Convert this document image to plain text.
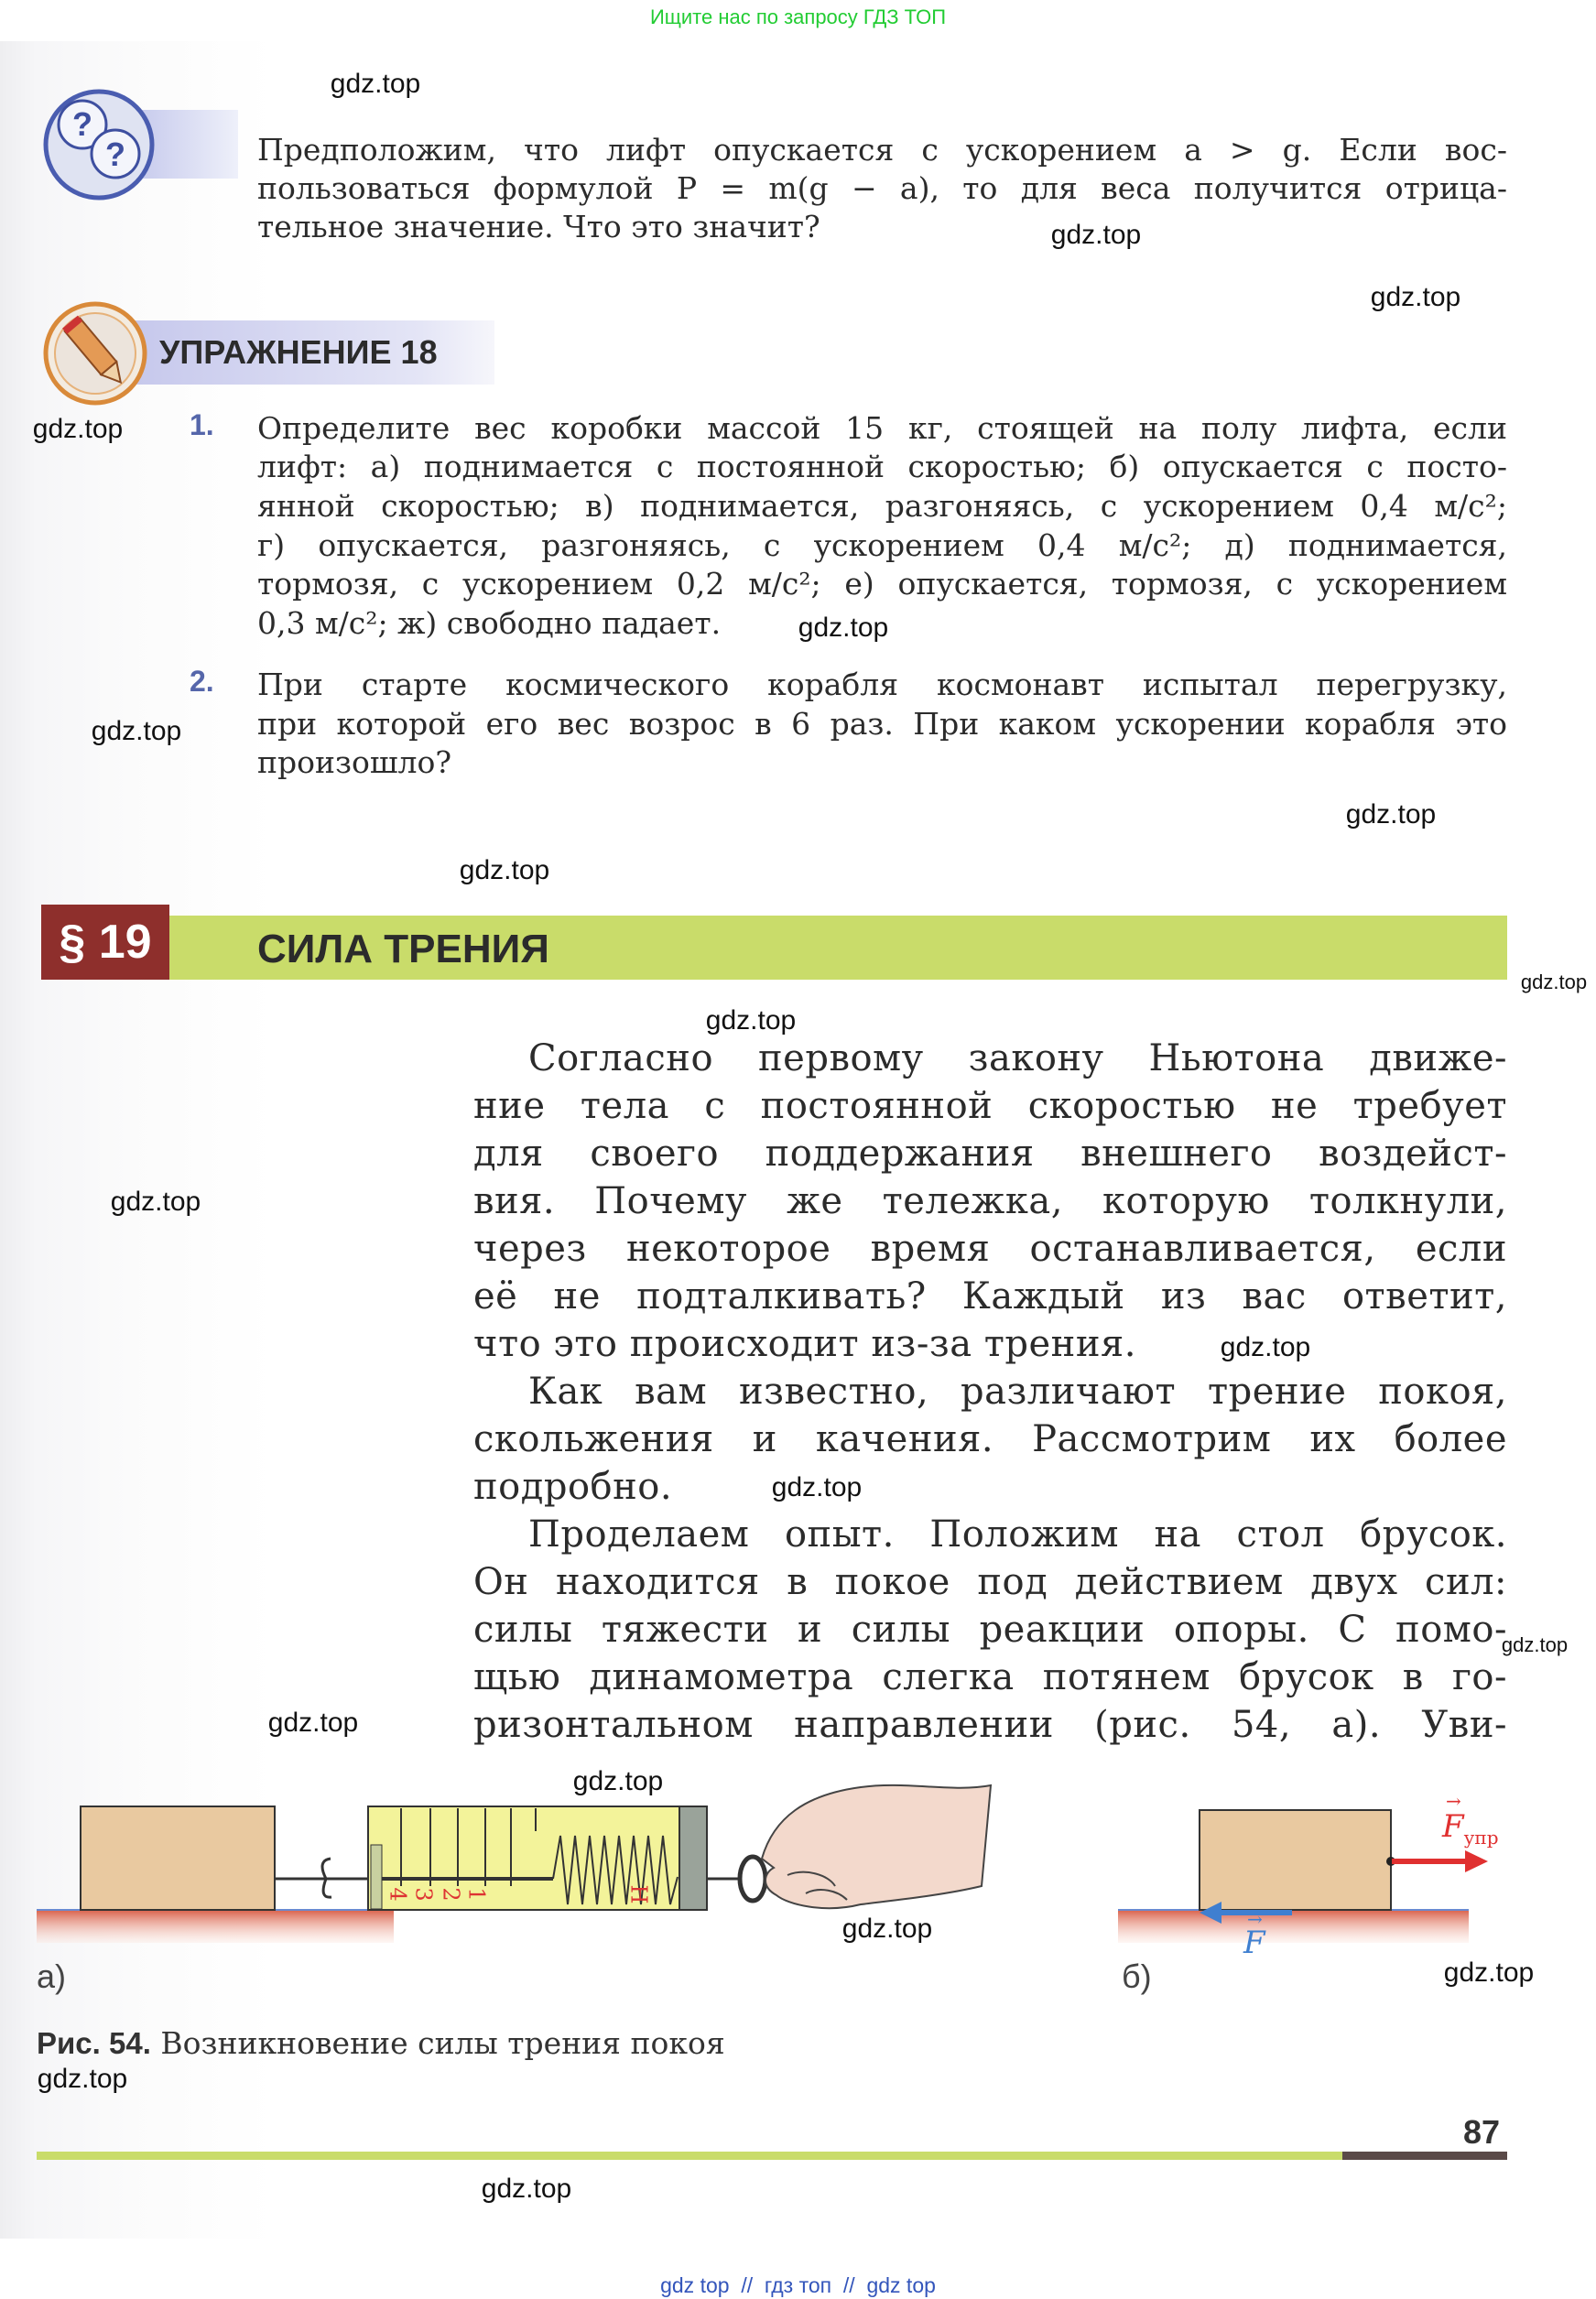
Ищите нас по запросу ГДЗ ТОП
?
?	Предположим, что лифт опускается с ускорением a > g. Если вос-
пользоваться формулой P = m(g − a), то для веса получится отрица-
тельное значение. Что это значит?
УПРАЖНЕНИЕ 18
1. Определите вес коробки массой 15 кг, стоящей на полу лифта, если
лифт: а) поднимается с постоянной скоростью; б) опускается с посто-
янной скоростью; в) поднимается, разгоняясь, с ускорением 0,4 м/с²;
г) опускается, разгоняясь, с ускорением 0,4 м/с²; д) поднимается,
тормозя, с ускорением 0,2 м/с²; е) опускается, тормозя, с ускорением
0,3 м/с²; ж) свободно падает.
2. При старте космического корабля космонавт испытал перегрузку,
при которой его вес возрос в 6 раз. При каком ускорении корабля это
произошло?
§ 19	СИЛА ТРЕНИЯ
Согласно первому закону Ньютона движе-
ние тела с постоянной скоростью не требует
для своего поддержания внешнего воздейст-
вия. Почему же тележка, которую толкнули,
через некоторое время останавливается, если
её не подталкивать? Каждый из вас ответит,
что это происходит из-за трения.
Как вам известно, различают трение покоя,
скольжения и качения. Рассмотрим их более
подробно.
Проделаем опыт. Положим на стол брусок.
Он находится в покое под действием двух сил:
силы тяжести и силы реакции опоры. С помо-
щью динамометра слегка потянем брусок в го-
ризонтальном направлении (рис. 54, а). Уви-
1
2
3
4	Н
→
$F_{упр}$
→
F
а)	б)
Рис. 54. Возникновение силы трения покоя
87
gdz top  //  гдз топ  //  gdz top
gdz.top
gdz.top
gdz.top
gdz.top
gdz.top
gdz.top
gdz.top
gdz.top
gdz.top
gdz.top
gdz.top
gdz.top
gdz.top
gdz.top
gdz.top
gdz.top
gdz.top
gdz.top
gdz.top
gdz.top
